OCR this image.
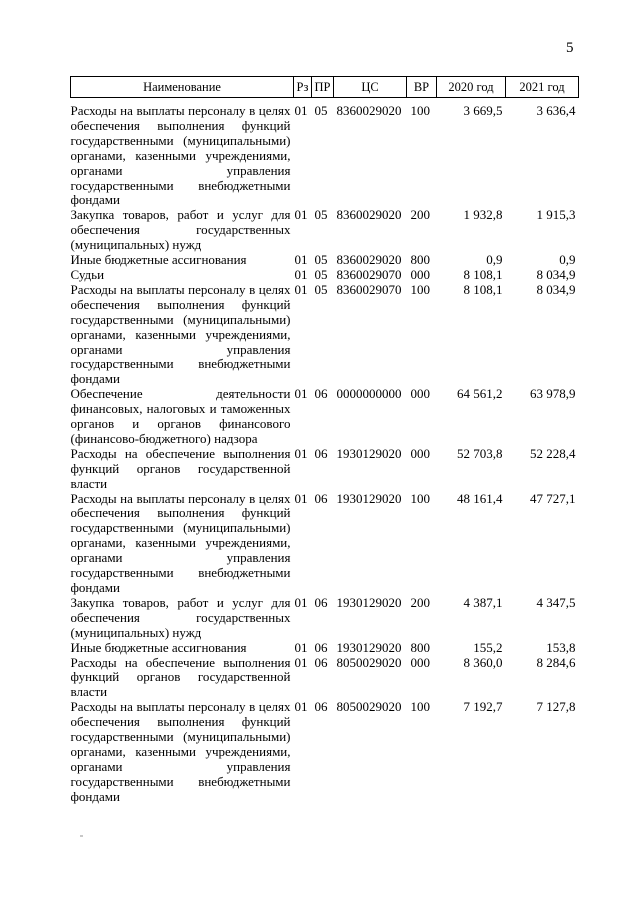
5
Наименование	Рз	ПР	ЦС	ВР	2020 год	2021 год
Расходы на выплаты персоналу в целях обеспечения выполнения функций государственными (муниципальными) органами, казенными учреждениями, органами управления государственными внебюджетными фондами	01	05	8360029020	100	3 669,5	3 636,4
Закупка товаров, работ и услуг для обеспечения государственных (муниципальных) нужд	01	05	8360029020	200	1 932,8	1 915,3
Иные бюджетные ассигнования	01	05	8360029020	800	0,9	0,9
Судьи	01	05	8360029070	000	8 108,1	8 034,9
Расходы на выплаты персоналу в целях обеспечения выполнения функций государственными (муниципальными) органами, казенными учреждениями, органами управления государственными внебюджетными фондами	01	05	8360029070	100	8 108,1	8 034,9
Обеспечение деятельности финансовых, налоговых и таможенных органов и органов финансового (финансово-бюджетного) надзора	01	06	0000000000	000	64 561,2	63 978,9
Расходы на обеспечение выполнения функций органов государственной власти	01	06	1930129020	000	52 703,8	52 228,4
Расходы на выплаты персоналу в целях обеспечения выполнения функций государственными (муниципальными) органами, казенными учреждениями, органами управления государственными внебюджетными фондами	01	06	1930129020	100	48 161,4	47 727,1
Закупка товаров, работ и услуг для обеспечения государственных (муниципальных) нужд	01	06	1930129020	200	4 387,1	4 347,5
Иные бюджетные ассигнования	01	06	1930129020	800	155,2	153,8
Расходы на обеспечение выполнения функций органов государственной власти	01	06	8050029020	000	8 360,0	8 284,6
Расходы на выплаты персоналу в целях обеспечения выполнения функций государственными (муниципальными) органами, казенными учреждениями, органами управления государственными внебюджетными фондами	01	06	8050029020	100	7 192,7	7 127,8
